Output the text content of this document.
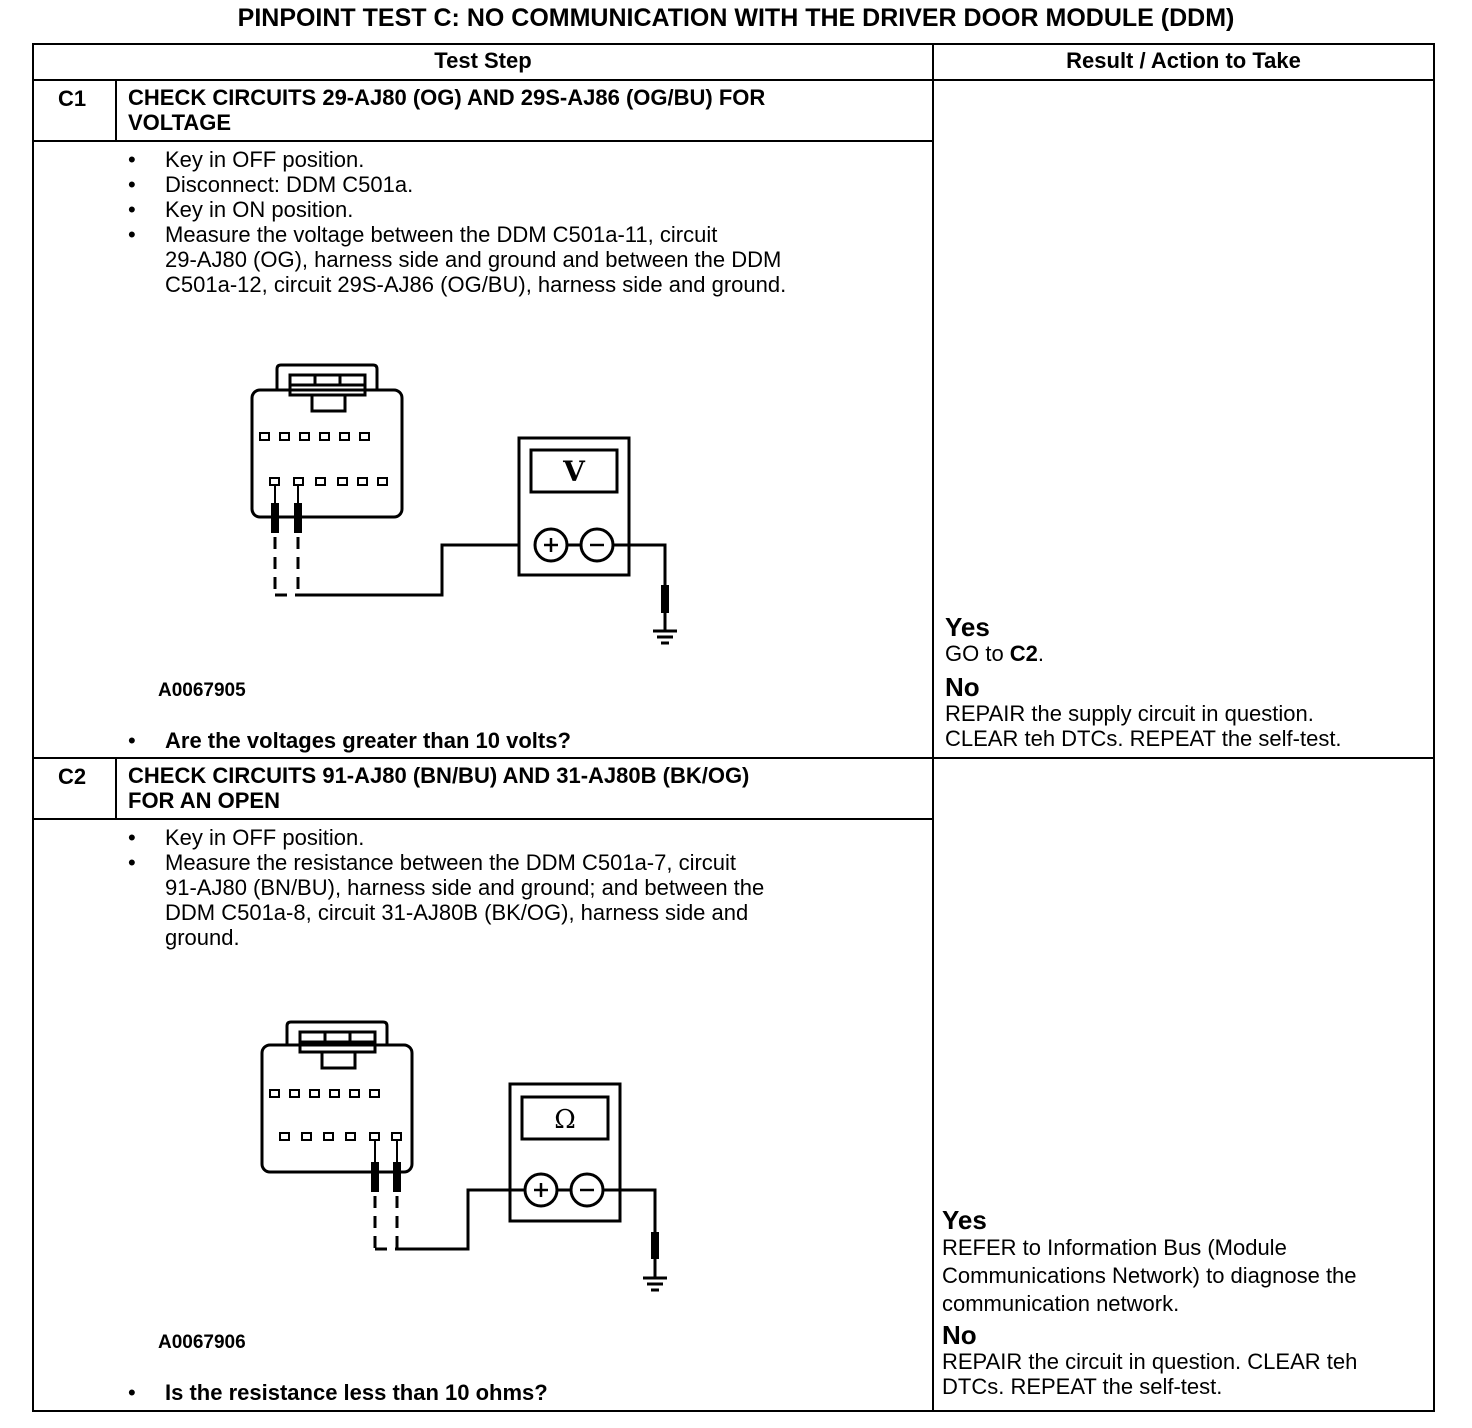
PINPOINT TEST C: NO COMMUNICATION WITH THE DRIVER DOOR MODULE (DDM)
Test Step	Result / Action to Take
C1 CHECK CIRCUITS 29-AJ80 (OG) AND 29S-AJ86 (OG/BU) FOR
VOLTAGE
• Key in OFF position.
• Disconnect: DDM C501a.
• Key in ON position.
• Measure the voltage between the DDM C501a-11, circuit
29-AJ80 (OG), harness side and ground and between the DDM
C501a-12, circuit 29S-AJ86 (OG/BU), harness side and ground.
V
A0067905
• Are the voltages greater than 10 volts?
Yes
GO to C2.
No
REPAIR the supply circuit in question.
CLEAR teh DTCs. REPEAT the self-test.
C2 CHECK CIRCUITS 91-AJ80 (BN/BU) AND 31-AJ80B (BK/OG)
FOR AN OPEN
• Key in OFF position.
• Measure the resistance between the DDM C501a-7, circuit
91-AJ80 (BN/BU), harness side and ground; and between the
DDM C501a-8, circuit 31-AJ80B (BK/OG), harness side and
ground.
Ω
A0067906
• Is the resistance less than 10 ohms?
Yes
REFER to Information Bus (Module
Communications Network) to diagnose the
communication network.
No
REPAIR the circuit in question. CLEAR teh
DTCs. REPEAT the self-test.
